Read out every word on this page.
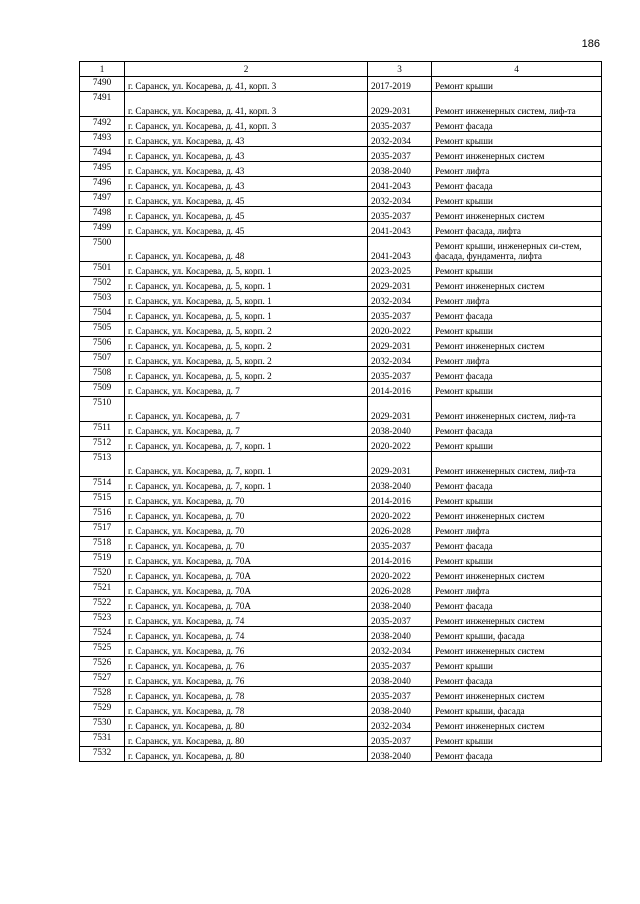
186
1	2	3	4
7490	г. Саранск, ул. Косарева, д. 41, корп. 3	2017-2019	Ремонт крыши
7491	г. Саранск, ул. Косарева, д. 41, корп. 3	2029-2031	Ремонт инженерных систем, лиф-та
7492	г. Саранск, ул. Косарева, д. 41, корп. 3	2035-2037	Ремонт фасада
7493	г. Саранск, ул. Косарева, д. 43	2032-2034	Ремонт крыши
7494	г. Саранск, ул. Косарева, д. 43	2035-2037	Ремонт инженерных систем
7495	г. Саранск, ул. Косарева, д. 43	2038-2040	Ремонт лифта
7496	г. Саранск, ул. Косарева, д. 43	2041-2043	Ремонт фасада
7497	г. Саранск, ул. Косарева, д. 45	2032-2034	Ремонт крыши
7498	г. Саранск, ул. Косарева, д. 45	2035-2037	Ремонт инженерных систем
7499	г. Саранск, ул. Косарева, д. 45	2041-2043	Ремонт фасада, лифта
7500	г. Саранск, ул. Косарева, д. 48	2041-2043	Ремонт крыши, инженерных си-стем, фасада, фундамента, лифта
7501	г. Саранск, ул. Косарева, д. 5, корп. 1	2023-2025	Ремонт крыши
7502	г. Саранск, ул. Косарева, д. 5, корп. 1	2029-2031	Ремонт инженерных систем
7503	г. Саранск, ул. Косарева, д. 5, корп. 1	2032-2034	Ремонт лифта
7504	г. Саранск, ул. Косарева, д. 5, корп. 1	2035-2037	Ремонт фасада
7505	г. Саранск, ул. Косарева, д. 5, корп. 2	2020-2022	Ремонт крыши
7506	г. Саранск, ул. Косарева, д. 5, корп. 2	2029-2031	Ремонт инженерных систем
7507	г. Саранск, ул. Косарева, д. 5, корп. 2	2032-2034	Ремонт лифта
7508	г. Саранск, ул. Косарева, д. 5, корп. 2	2035-2037	Ремонт фасада
7509	г. Саранск, ул. Косарева, д. 7	2014-2016	Ремонт крыши
7510	г. Саранск, ул. Косарева, д. 7	2029-2031	Ремонт инженерных систем, лиф-та
7511	г. Саранск, ул. Косарева, д. 7	2038-2040	Ремонт фасада
7512	г. Саранск, ул. Косарева, д. 7, корп. 1	2020-2022	Ремонт крыши
7513	г. Саранск, ул. Косарева, д. 7, корп. 1	2029-2031	Ремонт инженерных систем, лиф-та
7514	г. Саранск, ул. Косарева, д. 7, корп. 1	2038-2040	Ремонт фасада
7515	г. Саранск, ул. Косарева, д. 70	2014-2016	Ремонт крыши
7516	г. Саранск, ул. Косарева, д. 70	2020-2022	Ремонт инженерных систем
7517	г. Саранск, ул. Косарева, д. 70	2026-2028	Ремонт лифта
7518	г. Саранск, ул. Косарева, д. 70	2035-2037	Ремонт фасада
7519	г. Саранск, ул. Косарева, д. 70А	2014-2016	Ремонт крыши
7520	г. Саранск, ул. Косарева, д. 70А	2020-2022	Ремонт инженерных систем
7521	г. Саранск, ул. Косарева, д. 70А	2026-2028	Ремонт лифта
7522	г. Саранск, ул. Косарева, д. 70А	2038-2040	Ремонт фасада
7523	г. Саранск, ул. Косарева, д. 74	2035-2037	Ремонт инженерных систем
7524	г. Саранск, ул. Косарева, д. 74	2038-2040	Ремонт крыши, фасада
7525	г. Саранск, ул. Косарева, д. 76	2032-2034	Ремонт инженерных систем
7526	г. Саранск, ул. Косарева, д. 76	2035-2037	Ремонт крыши
7527	г. Саранск, ул. Косарева, д. 76	2038-2040	Ремонт фасада
7528	г. Саранск, ул. Косарева, д. 78	2035-2037	Ремонт инженерных систем
7529	г. Саранск, ул. Косарева, д. 78	2038-2040	Ремонт крыши, фасада
7530	г. Саранск, ул. Косарева, д. 80	2032-2034	Ремонт инженерных систем
7531	г. Саранск, ул. Косарева, д. 80	2035-2037	Ремонт крыши
7532	г. Саранск, ул. Косарева, д. 80	2038-2040	Ремонт фасада
